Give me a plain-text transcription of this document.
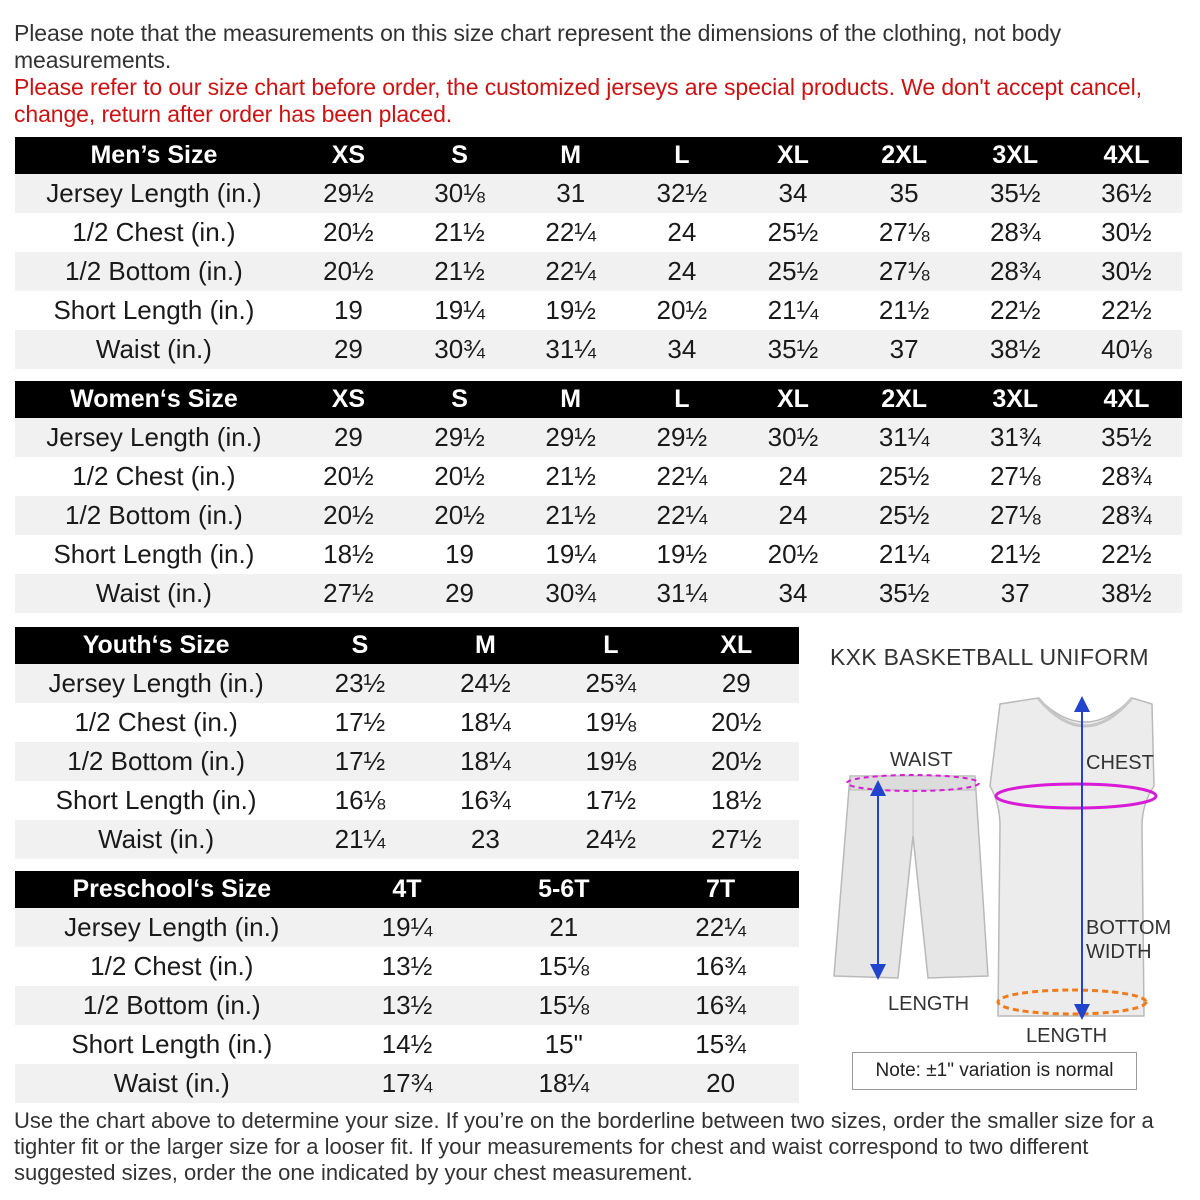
Please note that the measurements on this size chart represent the dimensions of the clothing, not body measurements.
Please refer to our size chart before order, the customized jerseys are special products. We don't accept cancel, change, return after order has been placed.
Men’s Size	XS	S	M	L	XL	2XL	3XL	4XL
Jersey Length (in.)	29½	30⅛	31	32½	34	35	35½	36½
1/2 Chest (in.)	20½	21½	22¼	24	25½	27⅛	28¾	30½
1/2 Bottom (in.)	20½	21½	22¼	24	25½	27⅛	28¾	30½
Short Length (in.)	19	19¼	19½	20½	21¼	21½	22½	22½
Waist (in.)	29	30¾	31¼	34	35½	37	38½	40⅛
Women‘s Size	XS	S	M	L	XL	2XL	3XL	4XL
Jersey Length (in.)	29	29½	29½	29½	30½	31¼	31¾	35½
1/2 Chest (in.)	20½	20½	21½	22¼	24	25½	27⅛	28¾
1/2 Bottom (in.)	20½	20½	21½	22¼	24	25½	27⅛	28¾
Short Length (in.)	18½	19	19¼	19½	20½	21¼	21½	22½
Waist (in.)	27½	29	30¾	31¼	34	35½	37	38½
Youth‘s Size	S	M	L	XL
Jersey Length (in.)	23½	24½	25¾	29
1/2 Chest (in.)	17½	18¼	19⅛	20½
1/2 Bottom (in.)	17½	18¼	19⅛	20½
Short Length (in.)	16⅛	16¾	17½	18½
Waist (in.)	21¼	23	24½	27½
Preschool‘s Size	4T	5-6T	7T
Jersey Length (in.)	19¼	21	22¼
1/2 Chest (in.)	13½	15⅛	16¾
1/2 Bottom (in.)	13½	15⅛	16¾
Short Length (in.)	14½	15"	15¾
Waist (in.)	17¾	18¼	20
KXK BASKETBALL UNIFORM
WAIST	CHEST
BOTTOM
WIDTH
LENGTH
LENGTH
Note: ±1" variation is normal
Use the chart above to determine your size. If you’re on the borderline between two sizes, order the smaller size for a tighter fit or the larger size for a looser fit. If your measurements for chest and waist correspond to two different suggested sizes, order the one indicated by your chest measurement.
